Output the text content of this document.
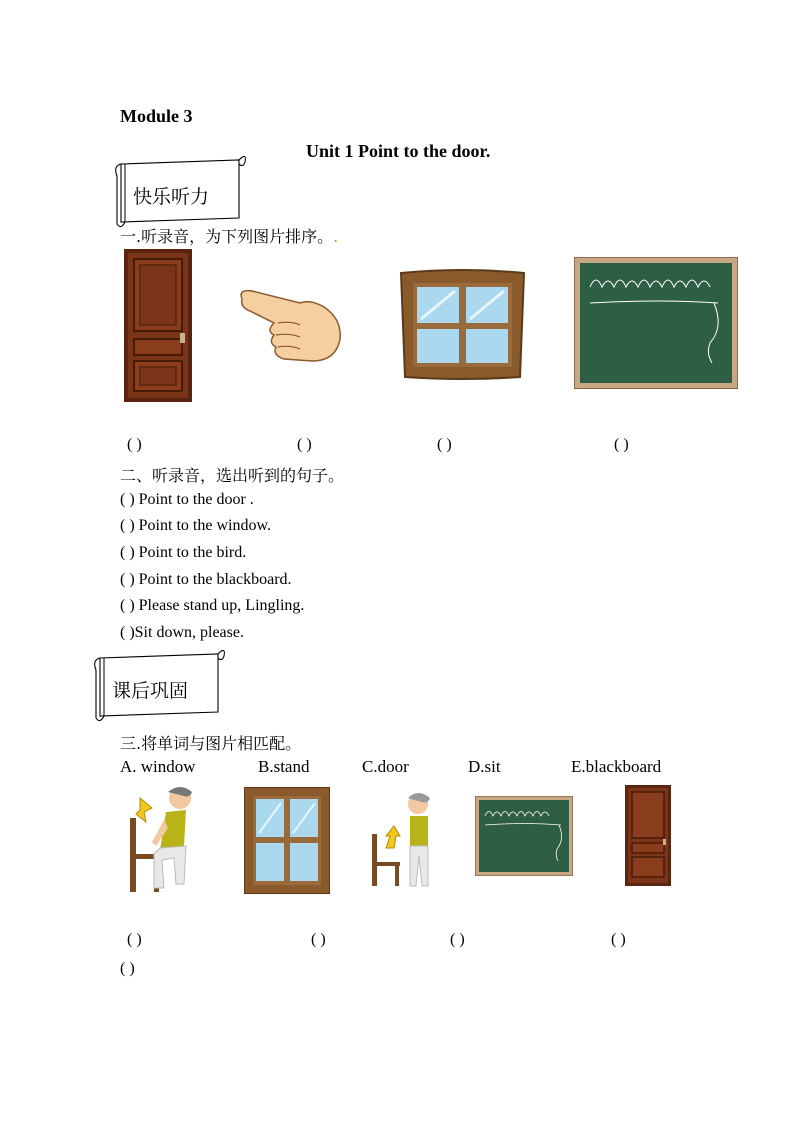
Module 3
Unit 1 Point to the door.
快乐听力
一.听录音，为下列图片排序。.
( )	( )	( )	( )
二、听录音，选出听到的句子。
( ) Point to the door .
( ) Point to the window.
( ) Point to the bird.
( ) Point to the blackboard.
( ) Please stand up, Lingling.
( )Sit down, please.
课后巩固
三.将单词与图片相匹配。
A. window	B.stand	C.door	D.sit	E.blackboard
( )	( )	( )	( )
( )
